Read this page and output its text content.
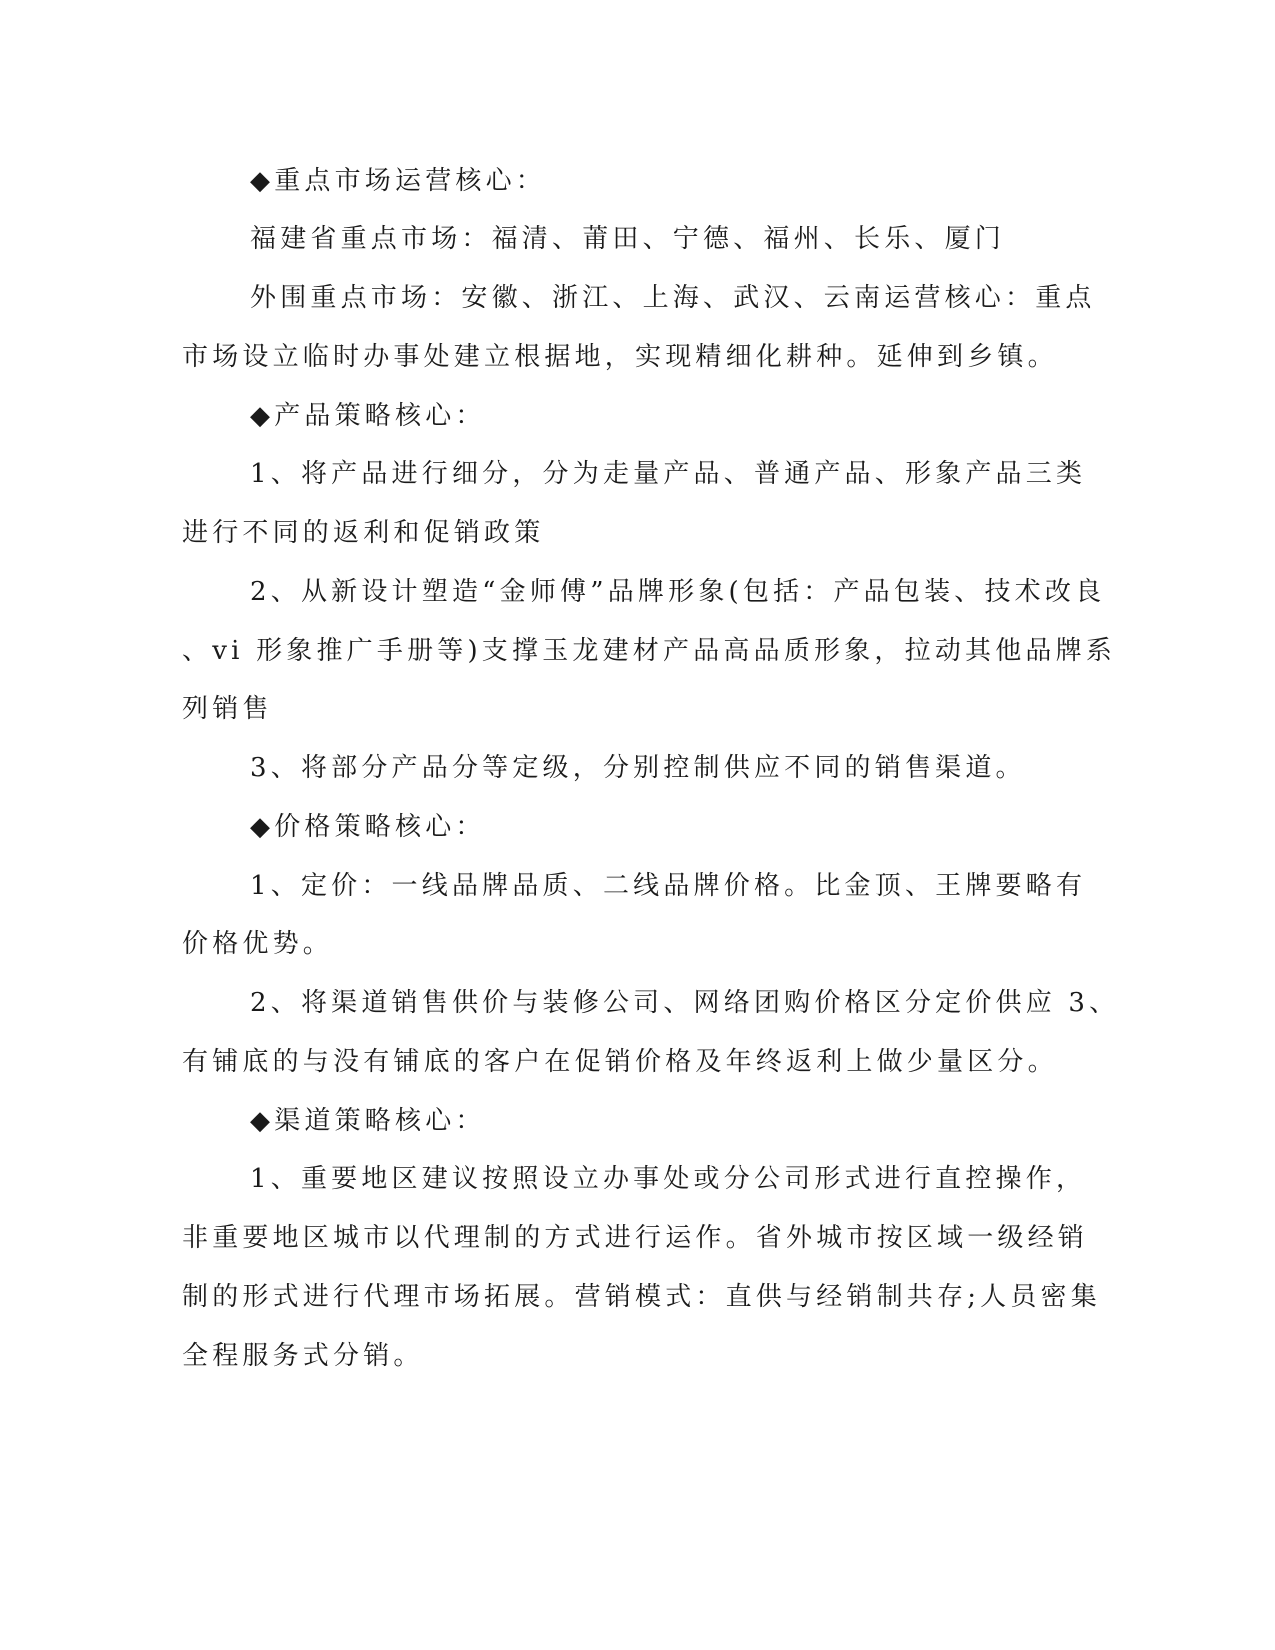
◆重点市场运营核心：
福建省重点市场：福清、莆田、宁德、福州、长乐、厦门
外围重点市场：安徽、浙江、上海、武汉、云南运营核心：重点
市场设立临时办事处建立根据地，实现精细化耕种。延伸到乡镇。
◆产品策略核心：
1、将产品进行细分，分为走量产品、普通产品、形象产品三类
进行不同的返利和促销政策
2、从新设计塑造“金师傅”品牌形象(包括：产品包装、技术改良
、vi 形象推广手册等)支撑玉龙建材产品高品质形象，拉动其他品牌系
列销售
3、将部分产品分等定级，分别控制供应不同的销售渠道。
◆价格策略核心：
1、定价：一线品牌品质、二线品牌价格。比金顶、王牌要略有
价格优势。
2、将渠道销售供价与装修公司、网络团购价格区分定价供应 3、
有铺底的与没有铺底的客户在促销价格及年终返利上做少量区分。
◆渠道策略核心：
1、重要地区建议按照设立办事处或分公司形式进行直控操作，
非重要地区城市以代理制的方式进行运作。省外城市按区域一级经销
制的形式进行代理市场拓展。营销模式：直供与经销制共存;人员密集
全程服务式分销。
